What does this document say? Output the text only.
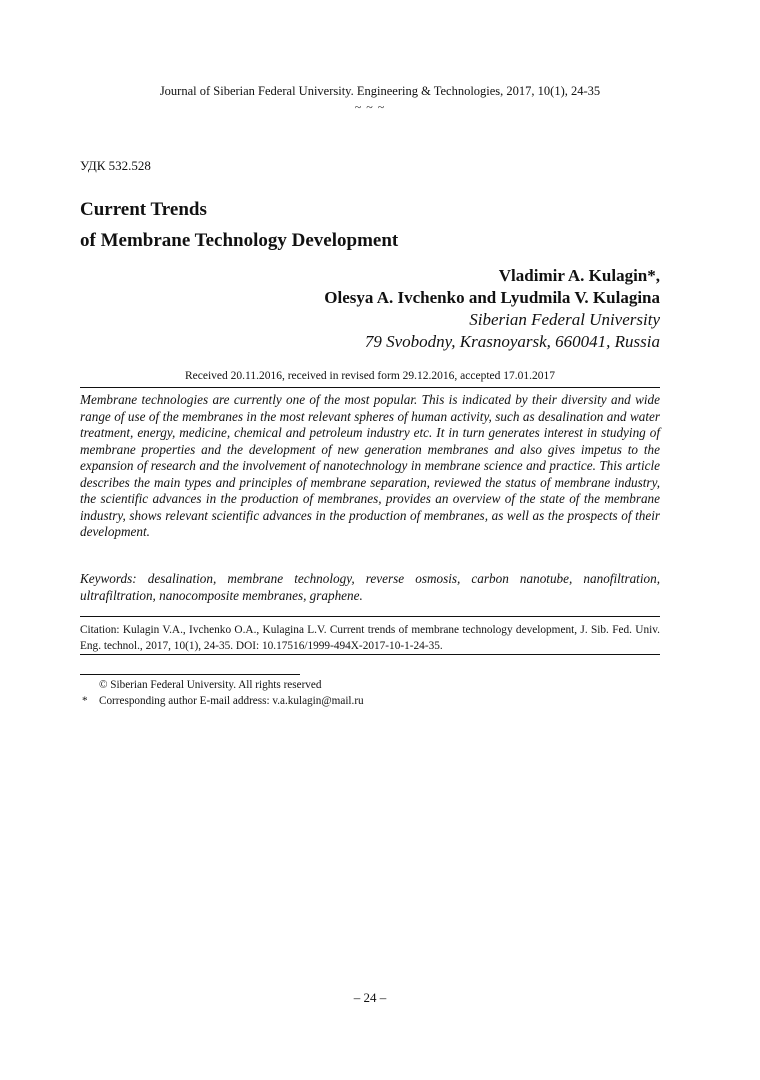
Journal of Siberian Federal University. Engineering & Technologies, 2017, 10(1), 24-35
~ ~ ~
УДК 532.528
Current Trends
of Membrane Technology Development
Vladimir A. Kulagin*,
Olesya A. Ivchenko and Lyudmila V. Kulagina
Siberian Federal University
79 Svobodny, Krasnoyarsk, 660041, Russia
Received 20.11.2016, received in revised form 29.12.2016, accepted 17.01.2017
Membrane technologies are currently one of the most popular. This is indicated by their diversity and wide range of use of the membranes in the most relevant spheres of human activity, such as desalination and water treatment, energy, medicine, chemical and petroleum industry etc. It in turn generates interest in studying of membrane properties and the development of new generation membranes and also gives impetus to the expansion of research and the involvement of nanotechnology in membrane science and practice. This article describes the main types and principles of membrane separation, reviewed the status of membrane industry, the scientific advances in the production of membranes, provides an overview of the state of the membrane industry, shows relevant scientific advances in the production of membranes, as well as the prospects of their development.
Keywords: desalination, membrane technology, reverse osmosis, carbon nanotube, nanofiltration, ultrafiltration, nanocomposite membranes, graphene.
Citation: Kulagin V.A., Ivchenko O.A., Kulagina L.V. Current trends of membrane technology development, J. Sib. Fed. Univ. Eng. technol., 2017, 10(1), 24-35. DOI: 10.17516/1999-494X-2017-10-1-24-35.
© Siberian Federal University. All rights reserved
* Corresponding author E-mail address: v.a.kulagin@mail.ru
– 24 –
